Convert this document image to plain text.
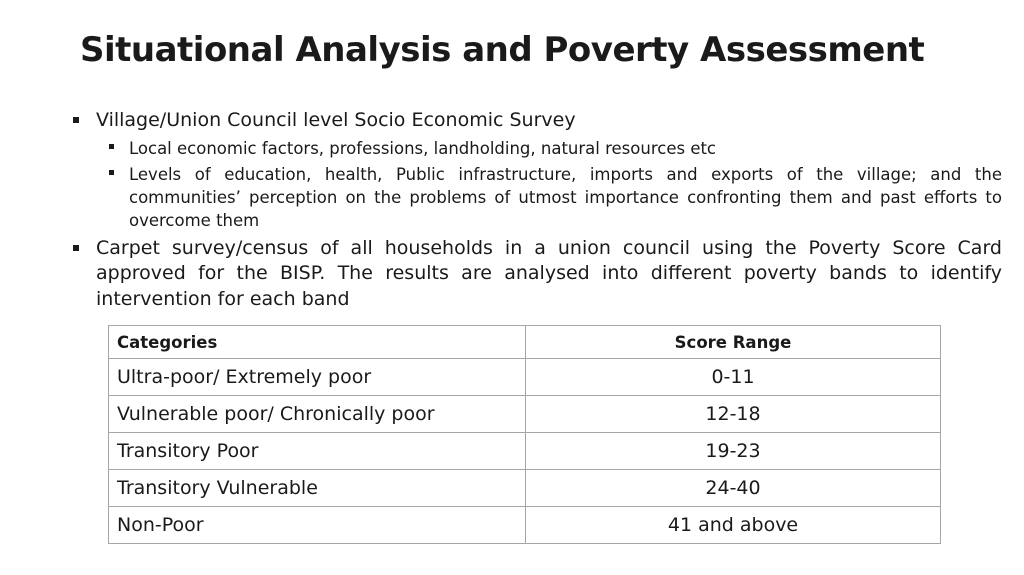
Situational Analysis and Poverty Assessment
Village/Union Council level Socio Economic Survey
Local economic factors, professions, landholding, natural resources etc
Levels of education, health, Public infrastructure, imports and exports of the village; and the communities’ perception on the problems of utmost importance confronting them and past efforts to overcome them
Carpet survey/census of all households in a union council using the Poverty Score Card approved for the BISP. The results are analysed into different poverty bands to identify intervention for each band
Categories	Score Range
Ultra-poor/ Extremely poor	0-11
Vulnerable poor/ Chronically poor	12-18
Transitory Poor	19-23
Transitory Vulnerable	24-40
Non-Poor	41 and above
